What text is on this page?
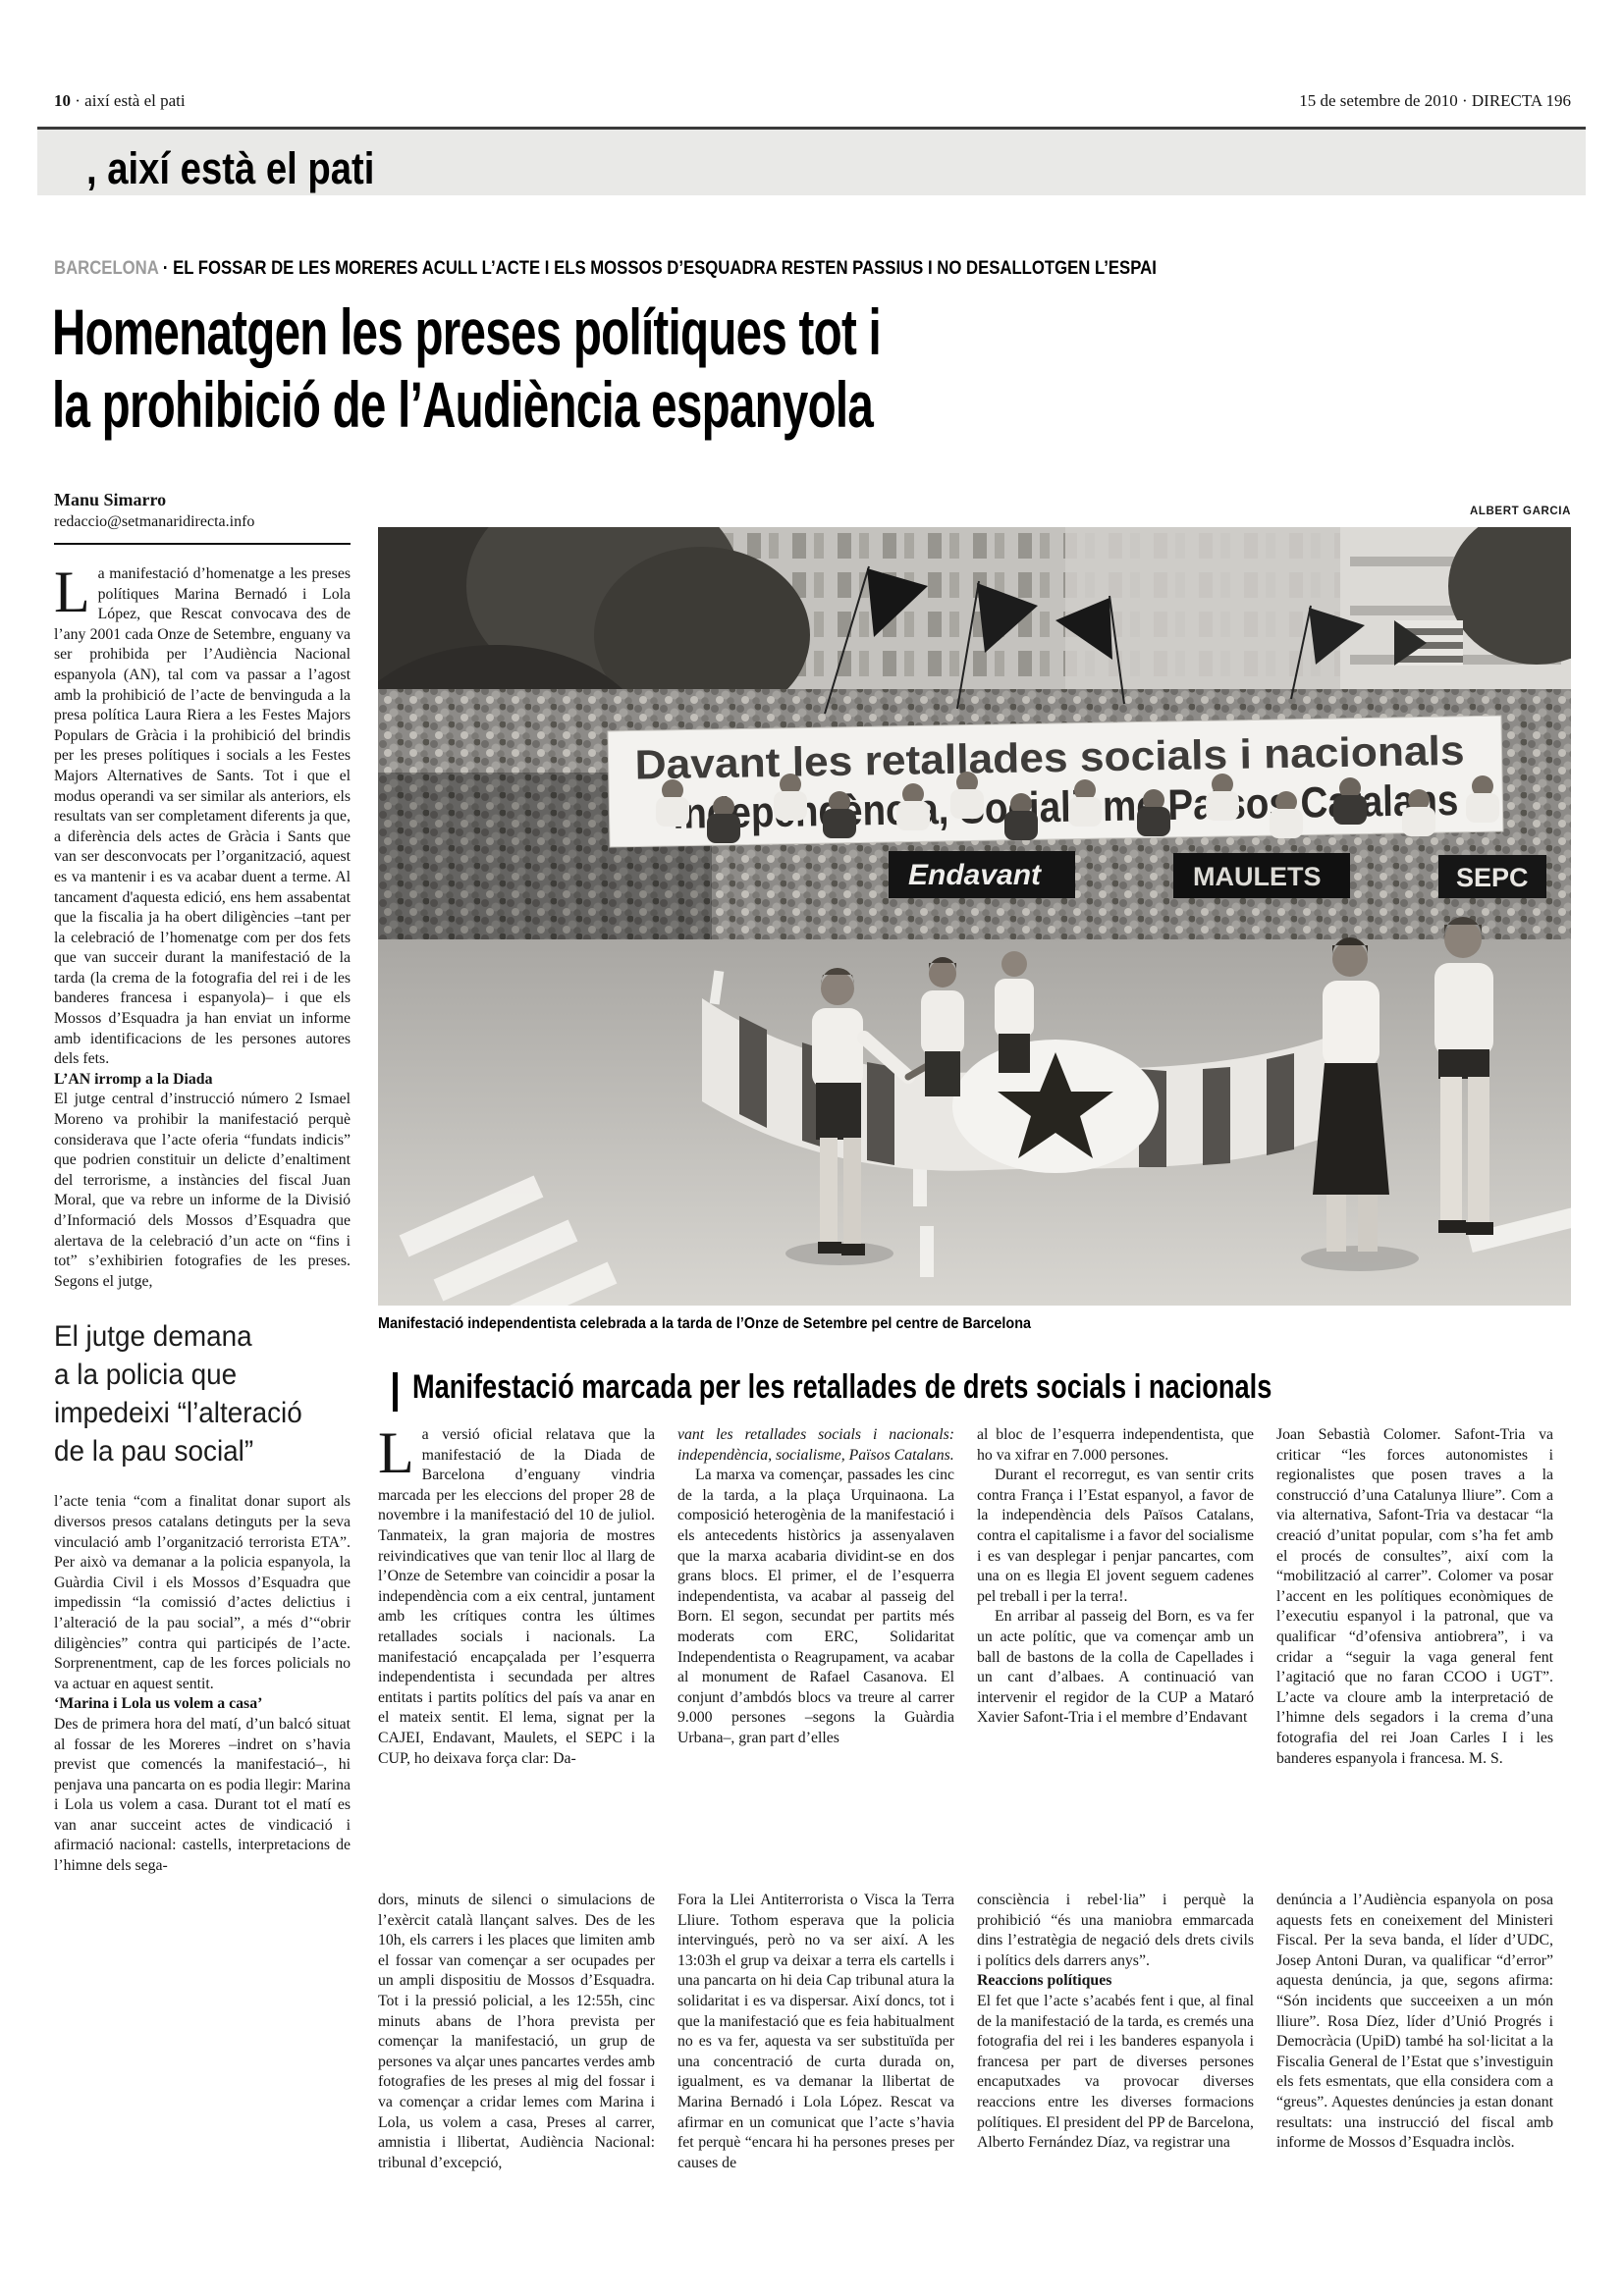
10 · així està el pati	15 de setembre de 2010 · DIRECTA 196
, així està el pati
BARCELONA · EL FOSSAR DE LES MORERES ACULL L’ACTE I ELS MOSSOS D’ESQUADRA RESTEN PASSIUS I NO DESALLOTGEN L’ESPAI
Homenatgen les preses polítiques tot i
la prohibició de l’Audiència espanyola
Manu Simarro
redaccio@setmanaridirecta.info
ALBERT GARCIA
Davant les retallades socials i nacionals
Independència, Socialisme Països Catalans
Endavant	MAULETS	SEPC
Manifestació independentista celebrada a la tarda de l’Onze de Setembre pel centre de Barcelona

La manifestació d’homenatge a les preses polítiques Marina Bernadó i Lola López, que Rescat convocava des de l’any 2001 cada Onze de Setembre, enguany va ser prohibida per l’Audiència Nacional espanyola (AN), tal com va passar a l’agost amb la prohibició de l’acte de benvinguda a la presa política Laura Riera a les Festes Majors Populars de Gràcia i la prohibició del brindis per les preses polítiques i socials a les Festes Majors Alternatives de Sants. Tot i que el modus operandi va ser similar als anteriors, els resultats van ser completament diferents ja que, a diferència dels actes de Gràcia i Sants que van ser desconvocats per l’organització, aquest es va mantenir i es va acabar duent a terme. Al tancament d'aquesta edició, ens hem assabentat que la fiscalia ja ha obert diligències –tant per la celebració de l’homenatge com per dos fets que van succeir durant la manifestació de la tarda (la crema de la fotografia del rei i de les banderes francesa i espanyola)– i que els Mossos d’Esquadra ja han enviat un informe amb identificacions de les persones autores dels fets.

L’AN irromp a la Diada

El jutge central d’instrucció número 2 Ismael Moreno va prohibir la manifestació perquè considerava que l’acte oferia “fundats indicis” que podrien constituir un delicte d’enaltiment del terrorisme, a instàncies del fiscal Juan Moral, que va rebre un informe de la Divisió d’Informació dels Mossos d’Esquadra que alertava de la celebració d’un acte on “fins i tot” s’exhibirien fotografies de les preses. Segons el jutge,

El jutge demana
a la policia que
impedeixi “l’alteració
de la pau social”

l’acte tenia “com a finalitat donar suport als diversos presos catalans detinguts per la seva vinculació amb l’organització terrorista ETA”. Per això va demanar a la policia espanyola, la Guàrdia Civil i els Mossos d’Esquadra que impedissin “la comissió d’actes delictius i l’alteració de la pau social”, a més d’“obrir diligències” contra qui participés de l’acte. Sorprenentment, cap de les forces policials no va actuar en aquest sentit.

‘Marina i Lola us volem a casa’

Des de primera hora del matí, d’un balcó situat al fossar de les Moreres –indret on s’havia previst que comencés la manifestació–, hi penjava una pancarta on es podia llegir: Marina i Lola us volem a casa. Durant tot el matí es van anar succeint actes de vindicació i afirmació nacional: castells, interpretacions de l’himne dels sega-

Manifestació marcada per les retallades de drets socials i nacionals

La versió oficial relatava que la manifestació de la Diada de Barcelona d’enguany vindria marcada per les eleccions del proper 28 de novembre i la manifestació del 10 de juliol. Tanmateix, la gran majoria de mostres reivindicatives que van tenir lloc al llarg de l’Onze de Setembre van coincidir a posar la independència com a eix central, juntament amb les crítiques contra les últimes retallades socials i nacionals. La manifestació encapçalada per l’esquerra independentista i secundada per altres entitats i partits polítics del país va anar en el mateix sentit. El lema, signat per la CAJEI, Endavant, Maulets, el SEPC i la CUP, ho deixava força clar: Da-

vant les retallades socials i nacionals: independència, socialisme, Països Catalans.

La marxa va començar, passades les cinc de la tarda, a la plaça Urquinaona. La composició heterogènia de la manifestació i els antecedents històrics ja assenyalaven que la marxa acabaria dividint-se en dos grans blocs. El primer, el de l’esquerra independentista, va acabar al passeig del Born. El segon, secundat per partits més moderats com ERC, Solidaritat Independentista o Reagrupament, va acabar al monument de Rafael Casanova. El conjunt d’ambdós blocs va treure al carrer 9.000 persones –segons la Guàrdia Urbana–, gran part d’elles

al bloc de l’esquerra independentista, que ho va xifrar en 7.000 persones.

Durant el recorregut, es van sentir crits contra França i l’Estat espanyol, a favor de la independència dels Països Catalans, contra el capitalisme i a favor del socialisme i es van desplegar i penjar pancartes, com una on es llegia El jovent seguem cadenes pel treball i per la terra!.

En arribar al passeig del Born, es va fer un acte polític, que va començar amb un ball de bastons de la colla de Capellades i un cant d’albaes. A continuació van intervenir el regidor de la CUP a Mataró Xavier Safont-Tria i el membre d’Endavant

Joan Sebastià Colomer. Safont-Tria va criticar “les forces autonomistes i regionalistes que posen traves a la construcció d’una Catalunya lliure”. Com a via alternativa, Safont-Tria va destacar “la creació d’unitat popular, com s’ha fet amb el procés de consultes”, així com la “mobilització al carrer”. Colomer va posar l’accent en les polítiques econòmiques de l’executiu espanyol i la patronal, que va qualificar “d’ofensiva antiobrera”, i va cridar a “seguir la vaga general fent l’agitació que no faran CCOO i UGT”. L’acte va cloure amb la interpretació de l’himne dels segadors i la crema d’una fotografia del rei Joan Carles I i les banderes espanyola i francesa. M. S.

dors, minuts de silenci o simulacions de l’exèrcit català llançant salves. Des de les 10h, els carrers i les places que limiten amb el fossar van començar a ser ocupades per un ampli dispositiu de Mossos d’Esquadra. Tot i la pressió policial, a les 12:55h, cinc minuts abans de l’hora prevista per començar la manifestació, un grup de persones va alçar unes pancartes verdes amb fotografies de les preses al mig del fossar i va començar a cridar lemes com Marina i Lola, us volem a casa, Preses al carrer, amnistia i llibertat, Audiència Nacional: tribunal d’excepció,

Fora la Llei Antiterrorista o Visca la Terra Lliure. Tothom esperava que la policia intervingués, però no va ser així. A les 13:03h el grup va deixar a terra els cartells i una pancarta on hi deia Cap tribunal atura la solidaritat i es va dispersar. Així doncs, tot i que la manifestació que es feia habitualment no es va fer, aquesta va ser substituïda per una concentració de curta durada on, igualment, es va demanar la llibertat de Marina Bernadó i Lola López. Rescat va afirmar en un comunicat que l’acte s’havia fet perquè “encara hi ha persones preses per causes de

consciència i rebel·lia” i perquè la prohibició “és una maniobra emmarcada dins l’estratègia de negació dels drets civils i polítics dels darrers anys”.

Reaccions polítiques

El fet que l’acte s’acabés fent i que, al final de la manifestació de la tarda, es cremés una fotografia del rei i les banderes espanyola i francesa per part de diverses persones encaputxades va provocar diverses reaccions entre les diverses formacions polítiques. El president del PP de Barcelona, Alberto Fernández Díaz, va registrar una

denúncia a l’Audiència espanyola on posa aquests fets en coneixement del Ministeri Fiscal. Per la seva banda, el líder d’UDC, Josep Antoni Duran, va qualificar “d’error” aquesta denúncia, ja que, segons afirma: “Són incidents que succeeixen a un món lliure”. Rosa Díez, líder d’Unió Progrés i Democràcia (UpiD) també ha sol·licitat a la Fiscalia General de l’Estat que s’investiguin els fets esmentats, que ella considera com a “greus”. Aquestes denúncies ja estan donant resultats: una instrucció del fiscal amb informe de Mossos d’Esquadra inclòs.
